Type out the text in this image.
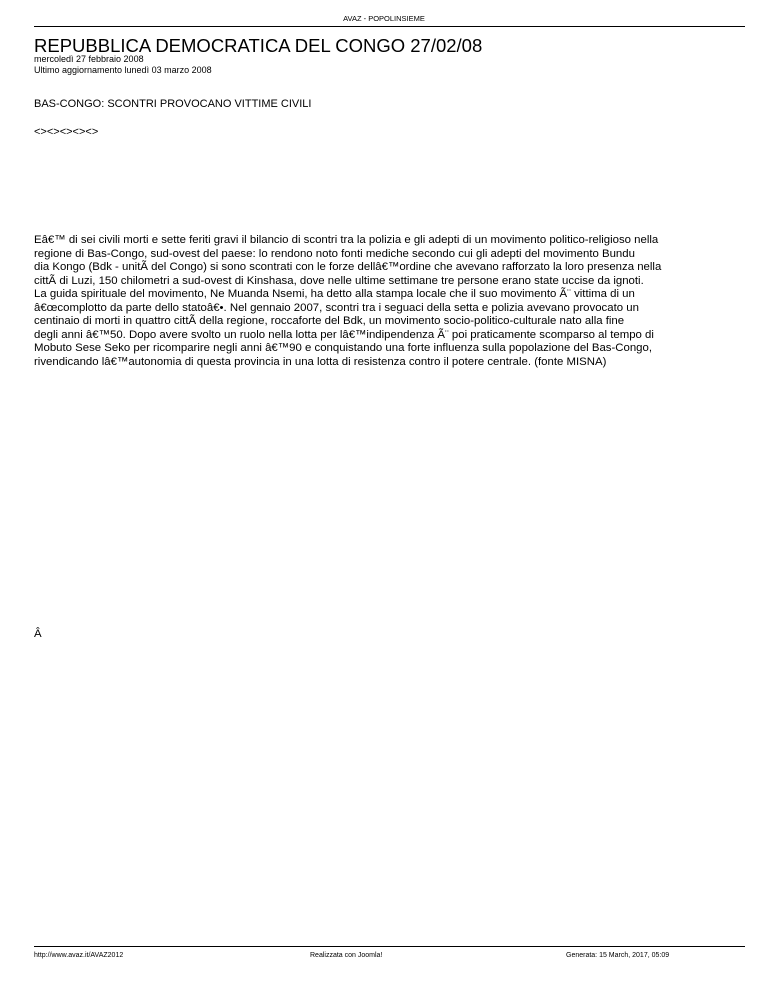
AVAZ - POPOLINSIEME
REPUBBLICA DEMOCRATICA DEL CONGO 27/02/08
mercoledì 27 febbraio 2008
Ultimo aggiornamento lunedì 03 marzo 2008
BAS-CONGO: SCONTRI PROVOCANO VITTIME CIVILI
<><><><><>

Eâ€™ di sei civili morti e sette feriti gravi il bilancio di scontri tra la polizia e gli adepti di un movimento politico-religioso nella
regione di Bas-Congo, sud-ovest del paese: lo rendono noto fonti mediche secondo cui gli adepti del movimento Bundu
dia Kongo (Bdk - unitÃ del Congo) si sono scontrati con le forze dellâ€™ordine che avevano rafforzato la loro presenza nella
cittÃ di Luzi, 150 chilometri a sud-ovest di Kinshasa, dove nelle ultime settimane tre persone erano state uccise da ignoti.
La guida spirituale del movimento, Ne Muanda Nsemi, ha detto alla stampa locale che il suo movimento Ã¨ vittima di un
â€œcomplotto da parte dello statoâ€•. Nel gennaio 2007, scontri tra i seguaci della setta e polizia avevano provocato un
centinaio di morti in quattro cittÃ della regione, roccaforte del Bdk, un movimento socio-politico-culturale nato alla fine
degli anni â€™50. Dopo avere svolto un ruolo nella lotta per lâ€™indipendenza Ã¨ poi praticamente scomparso al tempo di
Mobuto Sese Seko per ricomparire negli anni â€™90 e conquistando una forte influenza sulla popolazione del Bas-Congo,
rivendicando lâ€™autonomia di questa provincia in una lotta di resistenza contro il potere centrale. (fonte MISNA)

Â
http://www.avaz.it/AVAZ2012	Realizzata con Joomla!	Generata: 15 March, 2017, 05:09
